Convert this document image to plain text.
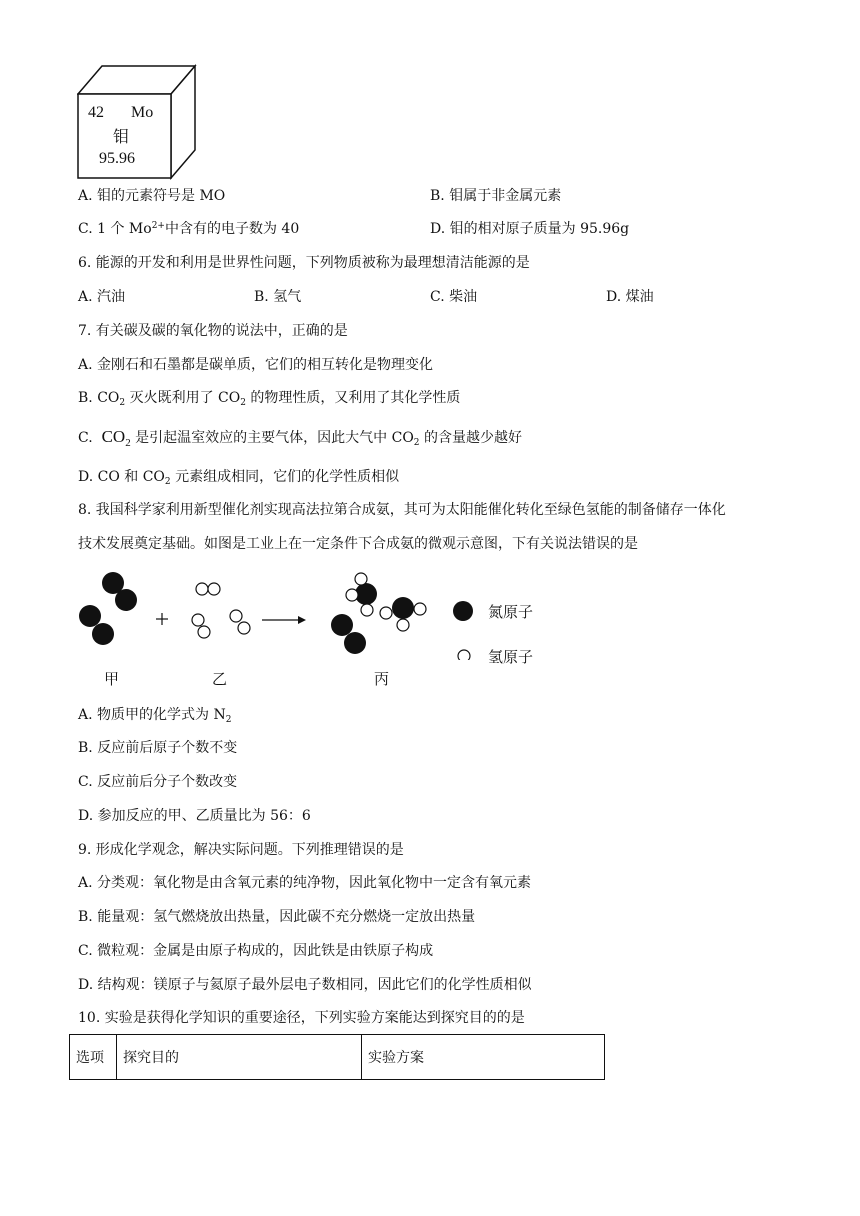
42 Mo
钼
95.96
A. 钼的元素符号是 MO	B. 钼属于非金属元素
C. 1 个 $Mo^{2+}$中含有的电子数为 40	D. 钼的相对原子质量为 95.96g
6. 能源的开发和利用是世界性问题，下列物质被称为最理想清洁能源的是
A. 汽油	B. 氢气	C. 柴油	D. 煤油
7. 有关碳及碳的氧化物的说法中，正确的是
A. 金刚石和石墨都是碳单质，它们的相互转化是物理变化
B. $CO_2$ 灭火既利用了 $CO_2$ 的物理性质，又利用了其化学性质
C. $CO_2$ 是引起温室效应的主要气体，因此大气中 $CO_2$ 的含量越少越好
D. CO 和 $CO_2$ 元素组成相同，它们的化学性质相似
8. 我国科学家利用新型催化剂实现高法拉第合成氨，其可为太阳能催化转化至绿色氢能的制备储存一体化
技术发展奠定基础。如图是工业上在一定条件下合成氨的微观示意图，下有关说法错误的是
氮原子
氢原子
甲	乙	丙
A. 物质甲的化学式为 $N_2$
B. 反应前后原子个数不变
C. 反应前后分子个数改变
D. 参加反应的甲、乙质量比为 56：6
9. 形成化学观念，解决实际问题。下列推理错误的是
A. 分类观：氧化物是由含氧元素的纯净物，因此氧化物中一定含有氧元素
B. 能量观：氢气燃烧放出热量，因此碳不充分燃烧一定放出热量
C. 微粒观：金属是由原子构成的，因此铁是由铁原子构成
D. 结构观：镁原子与氦原子最外层电子数相同，因此它们的化学性质相似
10. 实验是获得化学知识的重要途径，下列实验方案能达到探究目的的是
选项	探究目的	实验方案
